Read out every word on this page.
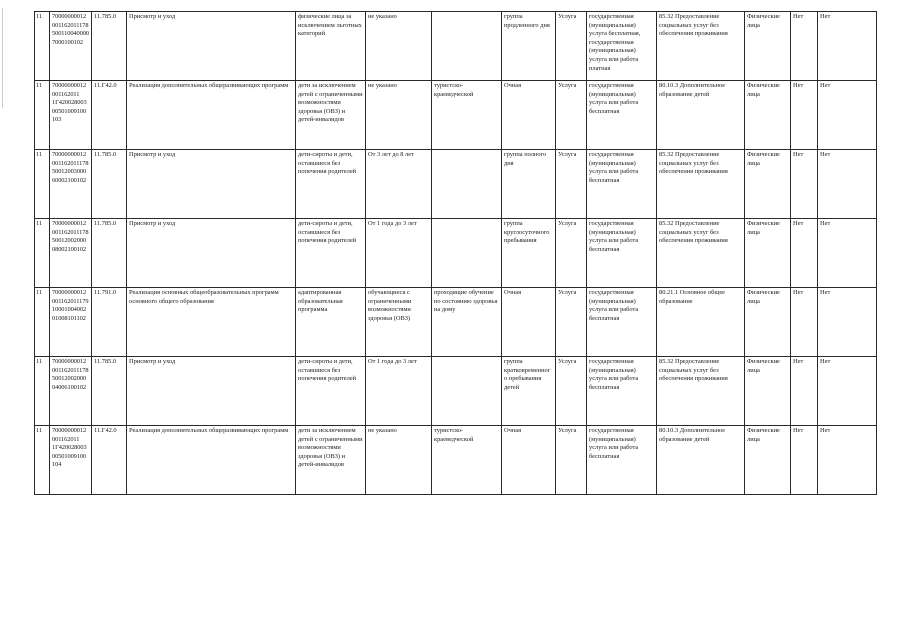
11	700000000120011620111785001100400007000100102	11.785.0	Присмотр и уход	физические лица за исключением льготных категорий	не указано		группа продленного дня	Услуга	государственная (муниципальная) услуга бесплатная, государственная (муниципальная) услуга или работа платная	85.32 Предоставление социальных услуг без обеспечения проживания	Физические лица	Нет	Нет
11	70000000012001162011 1Г42002800300501009100103	11.Г42.0	Реализация дополнительных общеразвивающих программ	дети за исключением детей с ограниченными возможностями здоровья (ОВЗ) и детей-инвалидов	не указано	туристско-краеведческой	Очная	Услуга	государственная (муниципальная) услуга или работа бесплатная	80.10.3 Дополнительное образование детей	Физические лица	Нет	Нет
11	700000000120011620111785001200300060002100102	11.785.0	Присмотр и уход	дети-сироты и дети, оставшиеся без попечения родителей	От 3 лет до 8 лет		группа полного дня	Услуга	государственная (муниципальная) услуга или работа бесплатная	85.32 Предоставление социальных услуг без обеспечения проживания	Физические лица	Нет	Нет
11	700000000120011620111785001200200008002100102	11.785.0	Присмотр и уход	дети-сироты и дети, оставшиеся без попечения родителей	От 1 года до 3 лет		группа круглосуточного пребывания	Услуга	государственная (муниципальная) услуга или работа бесплатная	85.32 Предоставление социальных услуг без обеспечения проживания	Физические лица	Нет	Нет
11	700000000120011620111791000100400201008101102	11.791.0	Реализация основных общеобразовательных программ основного общего образования	адаптированная образовательная программа	обучающиеся с ограниченными возможностями здоровья (ОВЗ)	проходящие обучение по состоянию здоровья на дому	Очная	Услуга	государственная (муниципальная) услуга или работа бесплатная	80.21.1 Основное общее образование	Физические лица	Нет	Нет
11	700000000120011620111785001200200004006100102	11.785.0	Присмотр и уход	дети-сироты и дети, оставшиеся без попечения родителей	От 1 года до 3 лет		группа кратковременного пребывания детей	Услуга	государственная (муниципальная) услуга или работа бесплатная	85.32 Предоставление социальных услуг без обеспечения проживания	Физические лица	Нет	Нет
11	70000000012001162011 1Г42002800300501009100104	11.Г42.0	Реализация дополнительных общеразвивающих программ	дети за исключением детей с ограниченными возможностями здоровья (ОВЗ) и детей-инвалидов	не указано	туристско-краеведческой	Очная	Услуга	государственная (муниципальная) услуга или работа бесплатная	80.10.3 Дополнительное образование детей	Физические лица	Нет	Нет
